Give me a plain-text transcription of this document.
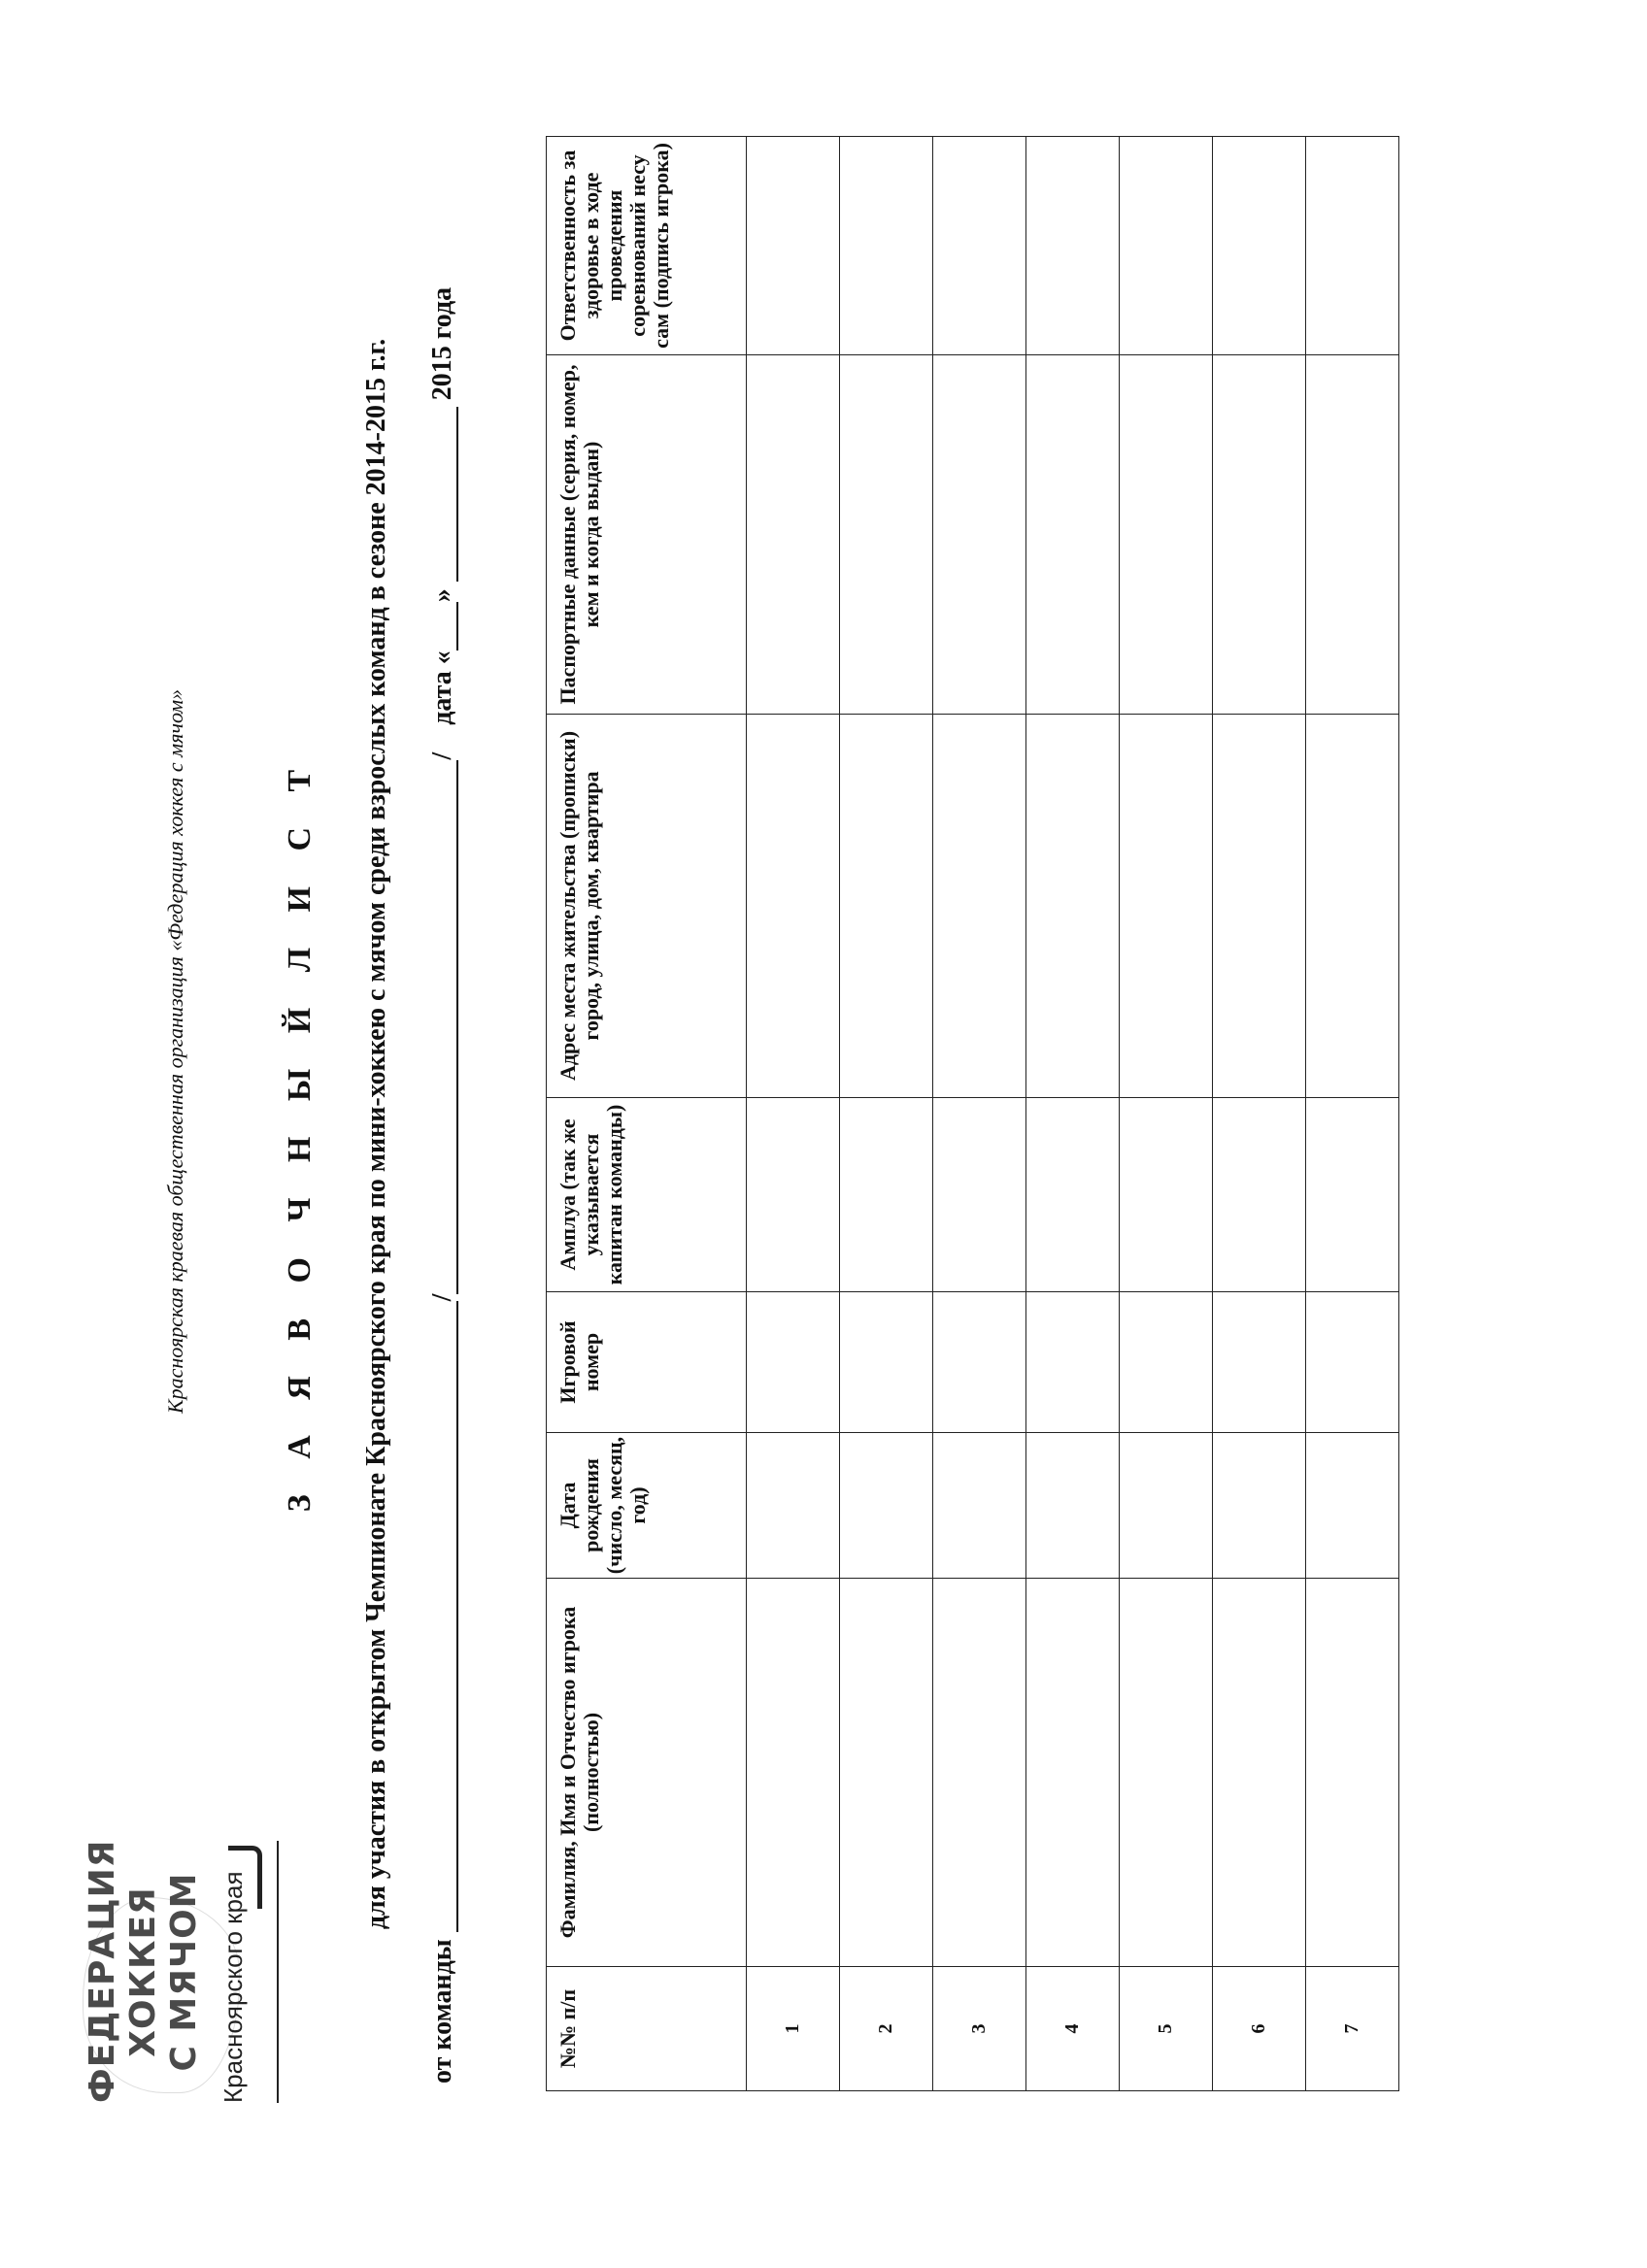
ФЕДЕРАЦИЯ ХОККЕЯ С МЯЧОМ Красноярского края
Красноярская краевая общественная организация «Федерация хоккея с мячом»	З А Я В О Ч Н Ы Й Л И С Т для участия в открытом Чемпионате Красноярского края по мини-хоккею с мячом среди взрослых команд в сезоне 2014-2015 г.г.
от команды //    дата «»  2015 года
№№ п/п	Фамилия, Имя и Отчество игрока (полностью)	Дата рождения (число, месяц, год)	Игровой номер	Амплуа (так же указывается капитан команды)	Адрес места жительства (прописки) город, улица, дом, квартира	Паспортные данные (серия, номер, кем и когда выдан)	Ответственность за здоровье в ходе проведения соревнований несу сам (подпись игрока)
1							
2							
3							
4							
5							
6							
7							
